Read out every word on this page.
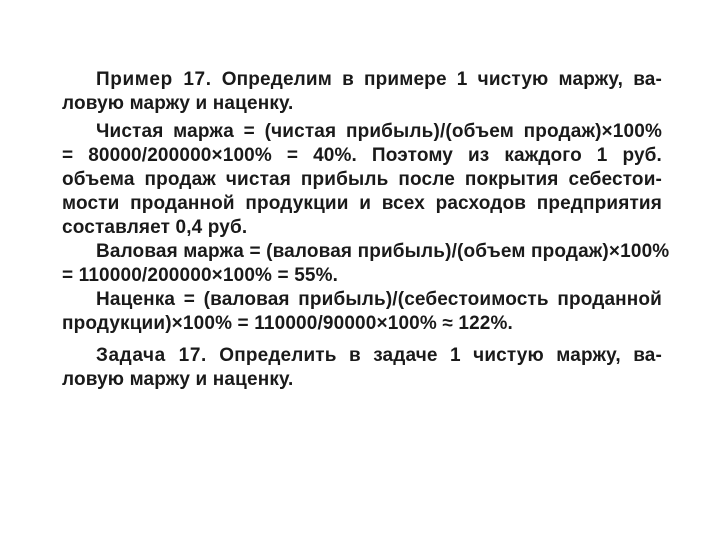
Пример 17. Определим в примере 1 чистую маржу, ва-
ловую маржу и наценку.
Чистая маржа = (чистая прибыль)/(объем продаж)×100%
= 80000/200000×100% = 40%. Поэтому из каждого 1 руб.
объема продаж чистая прибыль после покрытия себестои-
мости проданной продукции и всех расходов предприятия
составляет 0,4 руб.
Валовая маржа = (валовая прибыль)/(объем продаж)×100%
= 110000/200000×100% = 55%.
Наценка = (валовая прибыль)/(себестоимость проданной
продукции)×100% = 110000/90000×100% ≈ 122%.
Задача 17. Определить в задаче 1 чистую маржу, ва-
ловую маржу и наценку.
